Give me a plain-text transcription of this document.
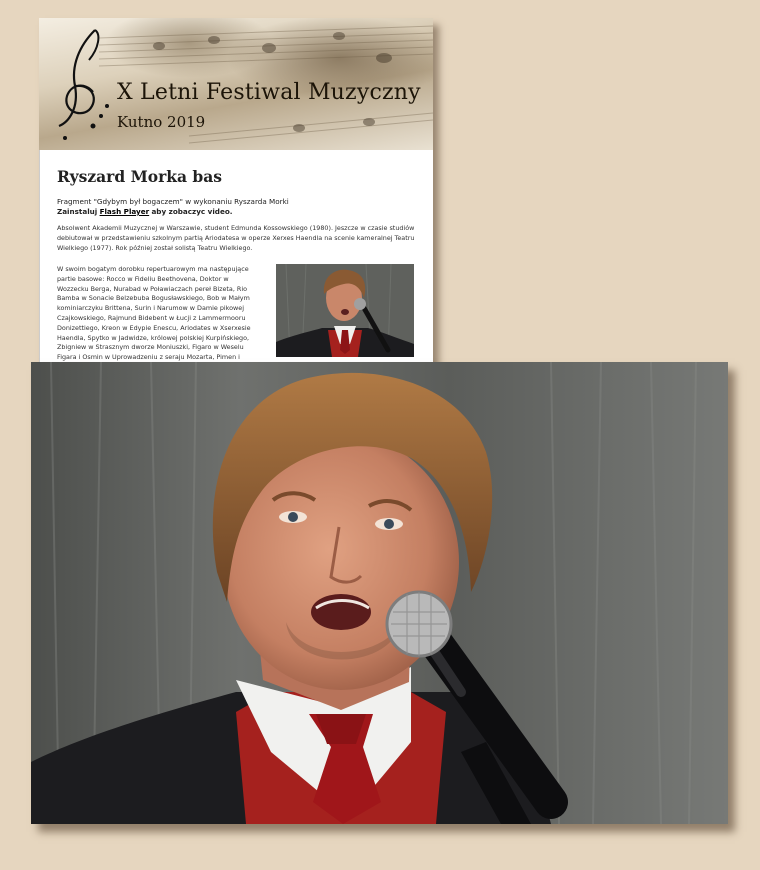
X Letni Festiwal Muzyczny

Kutno 2019

Ryszard Morka bas
Fragment "Gdybym był bogaczem" w wykonaniu Ryszarda Morki
Zainstaluj Flash Player aby zobaczyc video.
Absolwent Akademii Muzycznej w Warszawie, student Edmunda Kossowskiego (1980). Jeszcze w czasie studiów debiutował w przedstawieniu szkolnym partią Ariodatesa w operze Xerxes Haendla na scenie kameralnej Teatru Wielkiego (1977). Rok później został solistą Teatru Wielkiego.
W swoim bogatym dorobku repertuarowym ma następujące partie basowe: Rocco w Fideliu Beethovena, Doktor w Wozzecku Berga, Nurabad w Poławiaczach pereł Bizeta, Rio Bamba w Sonacie Belzebuba Bogusławskiego, Bob w Małym kominiarczyku Brittena, Surin i Narumow w Damie pikowej Czajkowskiego, Rajmund Bidebent w Łucji z Lammermooru Donizettiego, Kreon w Edypie Enescu, Ariodates w Xserxesie Haendla, Spytko w Jadwidze, królowej polskiej Kurpińskiego, Zbigniew w Strasznym dworze Moniuszki, Figaro w Weselu Figara i Osmin w Uprowadzeniu z seraju Mozarta, Pimen i
